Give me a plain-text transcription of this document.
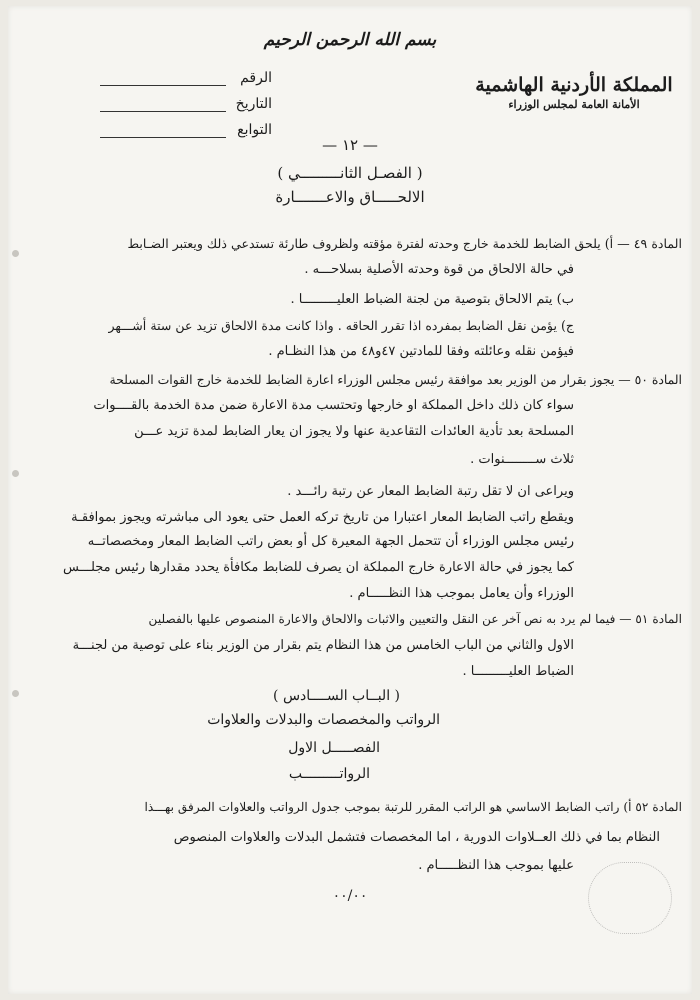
بسم الله الرحمن الرحيم
المملكة الأردنية الهاشمية
الأمانة العامة لمجلس الوزراء
الرقم
التاريخ
التوابع
— ١٢ —
( الفصـل الثانـــــــــي )
الالحـــــاق والاعـــــــارة
المادة ٤٩ — أ) يلحق الضابط للخدمة خارج وحدته لفترة مؤقته ولظروف طارئة تستدعي ذلك ويعتبر الضـابط
في حالة الالحاق من قوة وحدته الأصلية بسلاحـــه .
ب) يتم الالحاق بتوصية من لجنة الضباط العليـــــــــا .
ج) يؤمن نقل الضابط بمفرده اذا تقرر الحاقه . واذا كانت مدة الالحاق تزيد عن ستة أشـــهر
فيؤمن نقله وعائلته وفقا للمادتين ٤٧و٤٨ من هذا النظـام .
المادة ٥٠ — يجوز بقرار من الوزير بعد موافقة رئيس مجلس الوزراء اعارة الضابط للخدمة خارج القوات المسلحة
سواء كان ذلك داخل المملكة او خارجها وتحتسب مدة الاعارة ضمن مدة الخدمة بالقــــوات
المسلحة بعد تأدية العائدات التقاعدية عنها ولا يجوز ان يعار الضابط لمدة تزيد عـــن
ثلاث ســــــــنوات .
ويراعى ان لا تقل رتبة الضابط المعار عن رتبة رائـــد .
ويقطع راتب الضابط المعار اعتبارا من تاريخ تركه العمل حتى يعود الى مباشرته ويجوز بموافقـة
رئيس مجلس الوزراء أن تتحمل الجهة المعيرة كل أو بعض راتب الضابط المعار ومخصصاتــه
كما يجوز في حالة الاعارة خارج المملكة ان يصرف للضابط مكافأة يحدد مقدارها رئيس مجلـــس
الوزراء وأن يعامل بموجب هذا النظـــــام .
المادة ٥١ — فيما لم يرد به نص آخر عن النقل والتعيين والاثبات والالحاق والاعارة المنصوص عليها بالفصلين
الاول والثاني من الباب الخامس من هذا النظام يتم بقرار من الوزير بناء على توصية من لجنـــة
الضباط العليـــــــــا .
( البــاب الســــادس )
الرواتب والمخصصات والبدلات والعلاوات
الفصـــــل الاول
الرواتـــــــــب
المادة ٥٢ أ) راتب الضابط الاساسي هو الراتب المقرر للرتبة بموجب جدول الرواتب والعلاوات المرفق بهـــذا
النظام بما في ذلك العــلاوات الدورية ، اما المخصصات فتشمل البدلات والعلاوات المنصوص
عليها بموجب هذا النظـــــام .
٠٠/٠٠
